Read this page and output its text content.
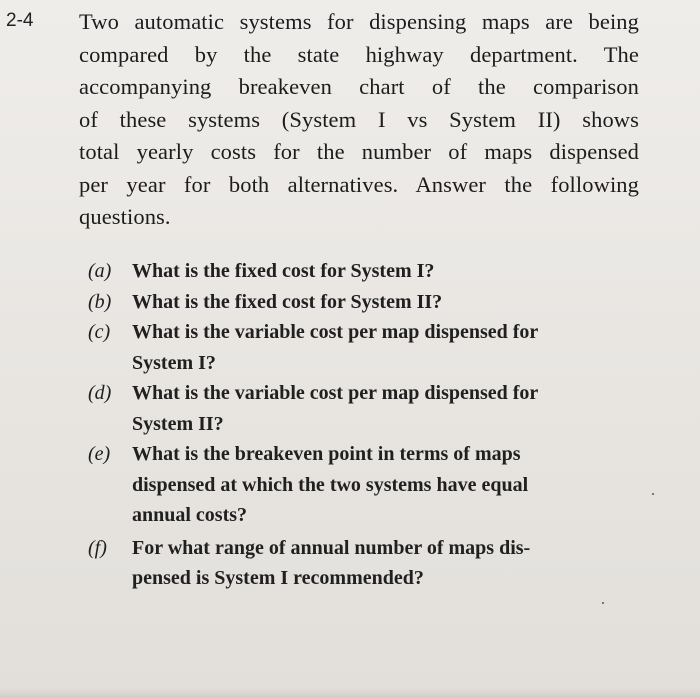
2-4 Two automatic systems for dispensing maps are being
compared by the state highway department. The
accompanying breakeven chart of the comparison
of these systems (System I vs System II) shows
total yearly costs for the number of maps dispensed
per year for both alternatives. Answer the following
questions.
(a) What is the fixed cost for System I?
(b) What is the fixed cost for System II?
(c) What is the variable cost per map dispensed for
System I?
(d) What is the variable cost per map dispensed for
System II?
(e) What is the breakeven point in terms of maps
dispensed at which the two systems have equal
annual costs?
(f) For what range of annual number of maps dis-
pensed is System I recommended?
